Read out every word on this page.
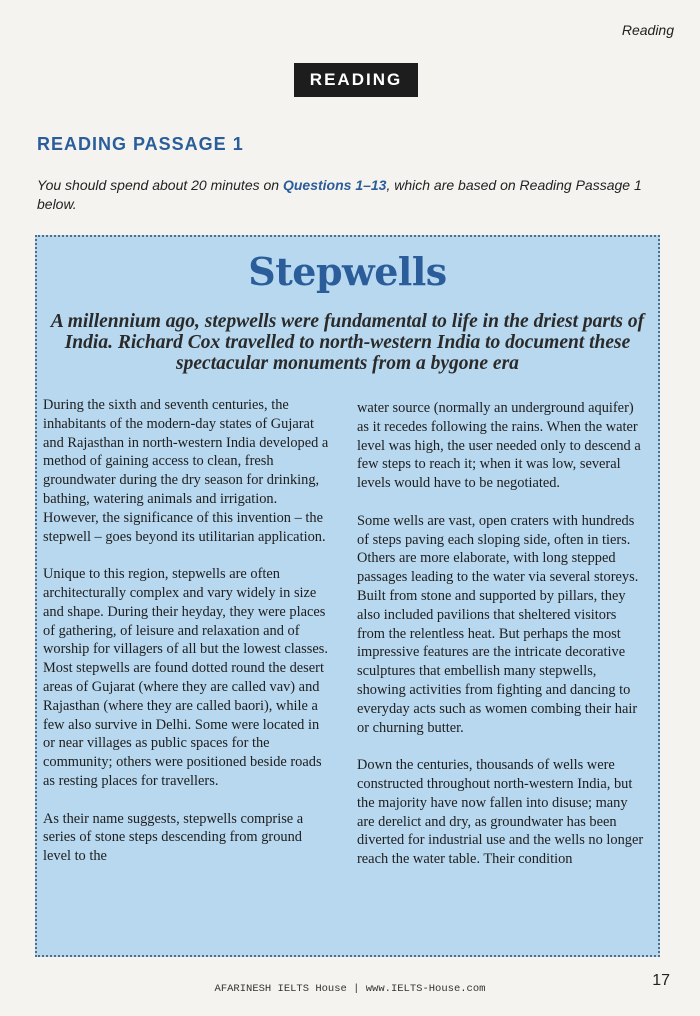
Reading
READING
READING PASSAGE 1
You should spend about 20 minutes on Questions 1–13, which are based on Reading Passage 1 below.
Stepwells
A millennium ago, stepwells were fundamental to life in the driest parts of India. Richard Cox travelled to north-western India to document these spectacular monuments from a bygone era

During the sixth and seventh centuries, the inhabitants of the modern-day states of Gujarat and Rajasthan in north-western India developed a method of gaining access to clean, fresh groundwater during the dry season for drinking, bathing, watering animals and irrigation. However, the significance of this invention – the stepwell – goes beyond its utilitarian application.

Unique to this region, stepwells are often architecturally complex and vary widely in size and shape. During their heyday, they were places of gathering, of leisure and relaxation and of worship for villagers of all but the lowest classes. Most stepwells are found dotted round the desert areas of Gujarat (where they are called vav) and Rajasthan (where they are called baori), while a few also survive in Delhi. Some were located in or near villages as public spaces for the community; others were positioned beside roads as resting places for travellers.

As their name suggests, stepwells comprise a series of stone steps descending from ground level to the

water source (normally an underground aquifer) as it recedes following the rains. When the water level was high, the user needed only to descend a few steps to reach it; when it was low, several levels would have to be negotiated.

Some wells are vast, open craters with hundreds of steps paving each sloping side, often in tiers. Others are more elaborate, with long stepped passages leading to the water via several storeys. Built from stone and supported by pillars, they also included pavilions that sheltered visitors from the relentless heat. But perhaps the most impressive features are the intricate decorative sculptures that embellish many stepwells, showing activities from fighting and dancing to everyday acts such as women combing their hair or churning butter.

Down the centuries, thousands of wells were constructed throughout north-western India, but the majority have now fallen into disuse; many are derelict and dry, as groundwater has been diverted for industrial use and the wells no longer reach the water table. Their condition

AFARINESH IELTS House | www.IELTS-House.com	17
